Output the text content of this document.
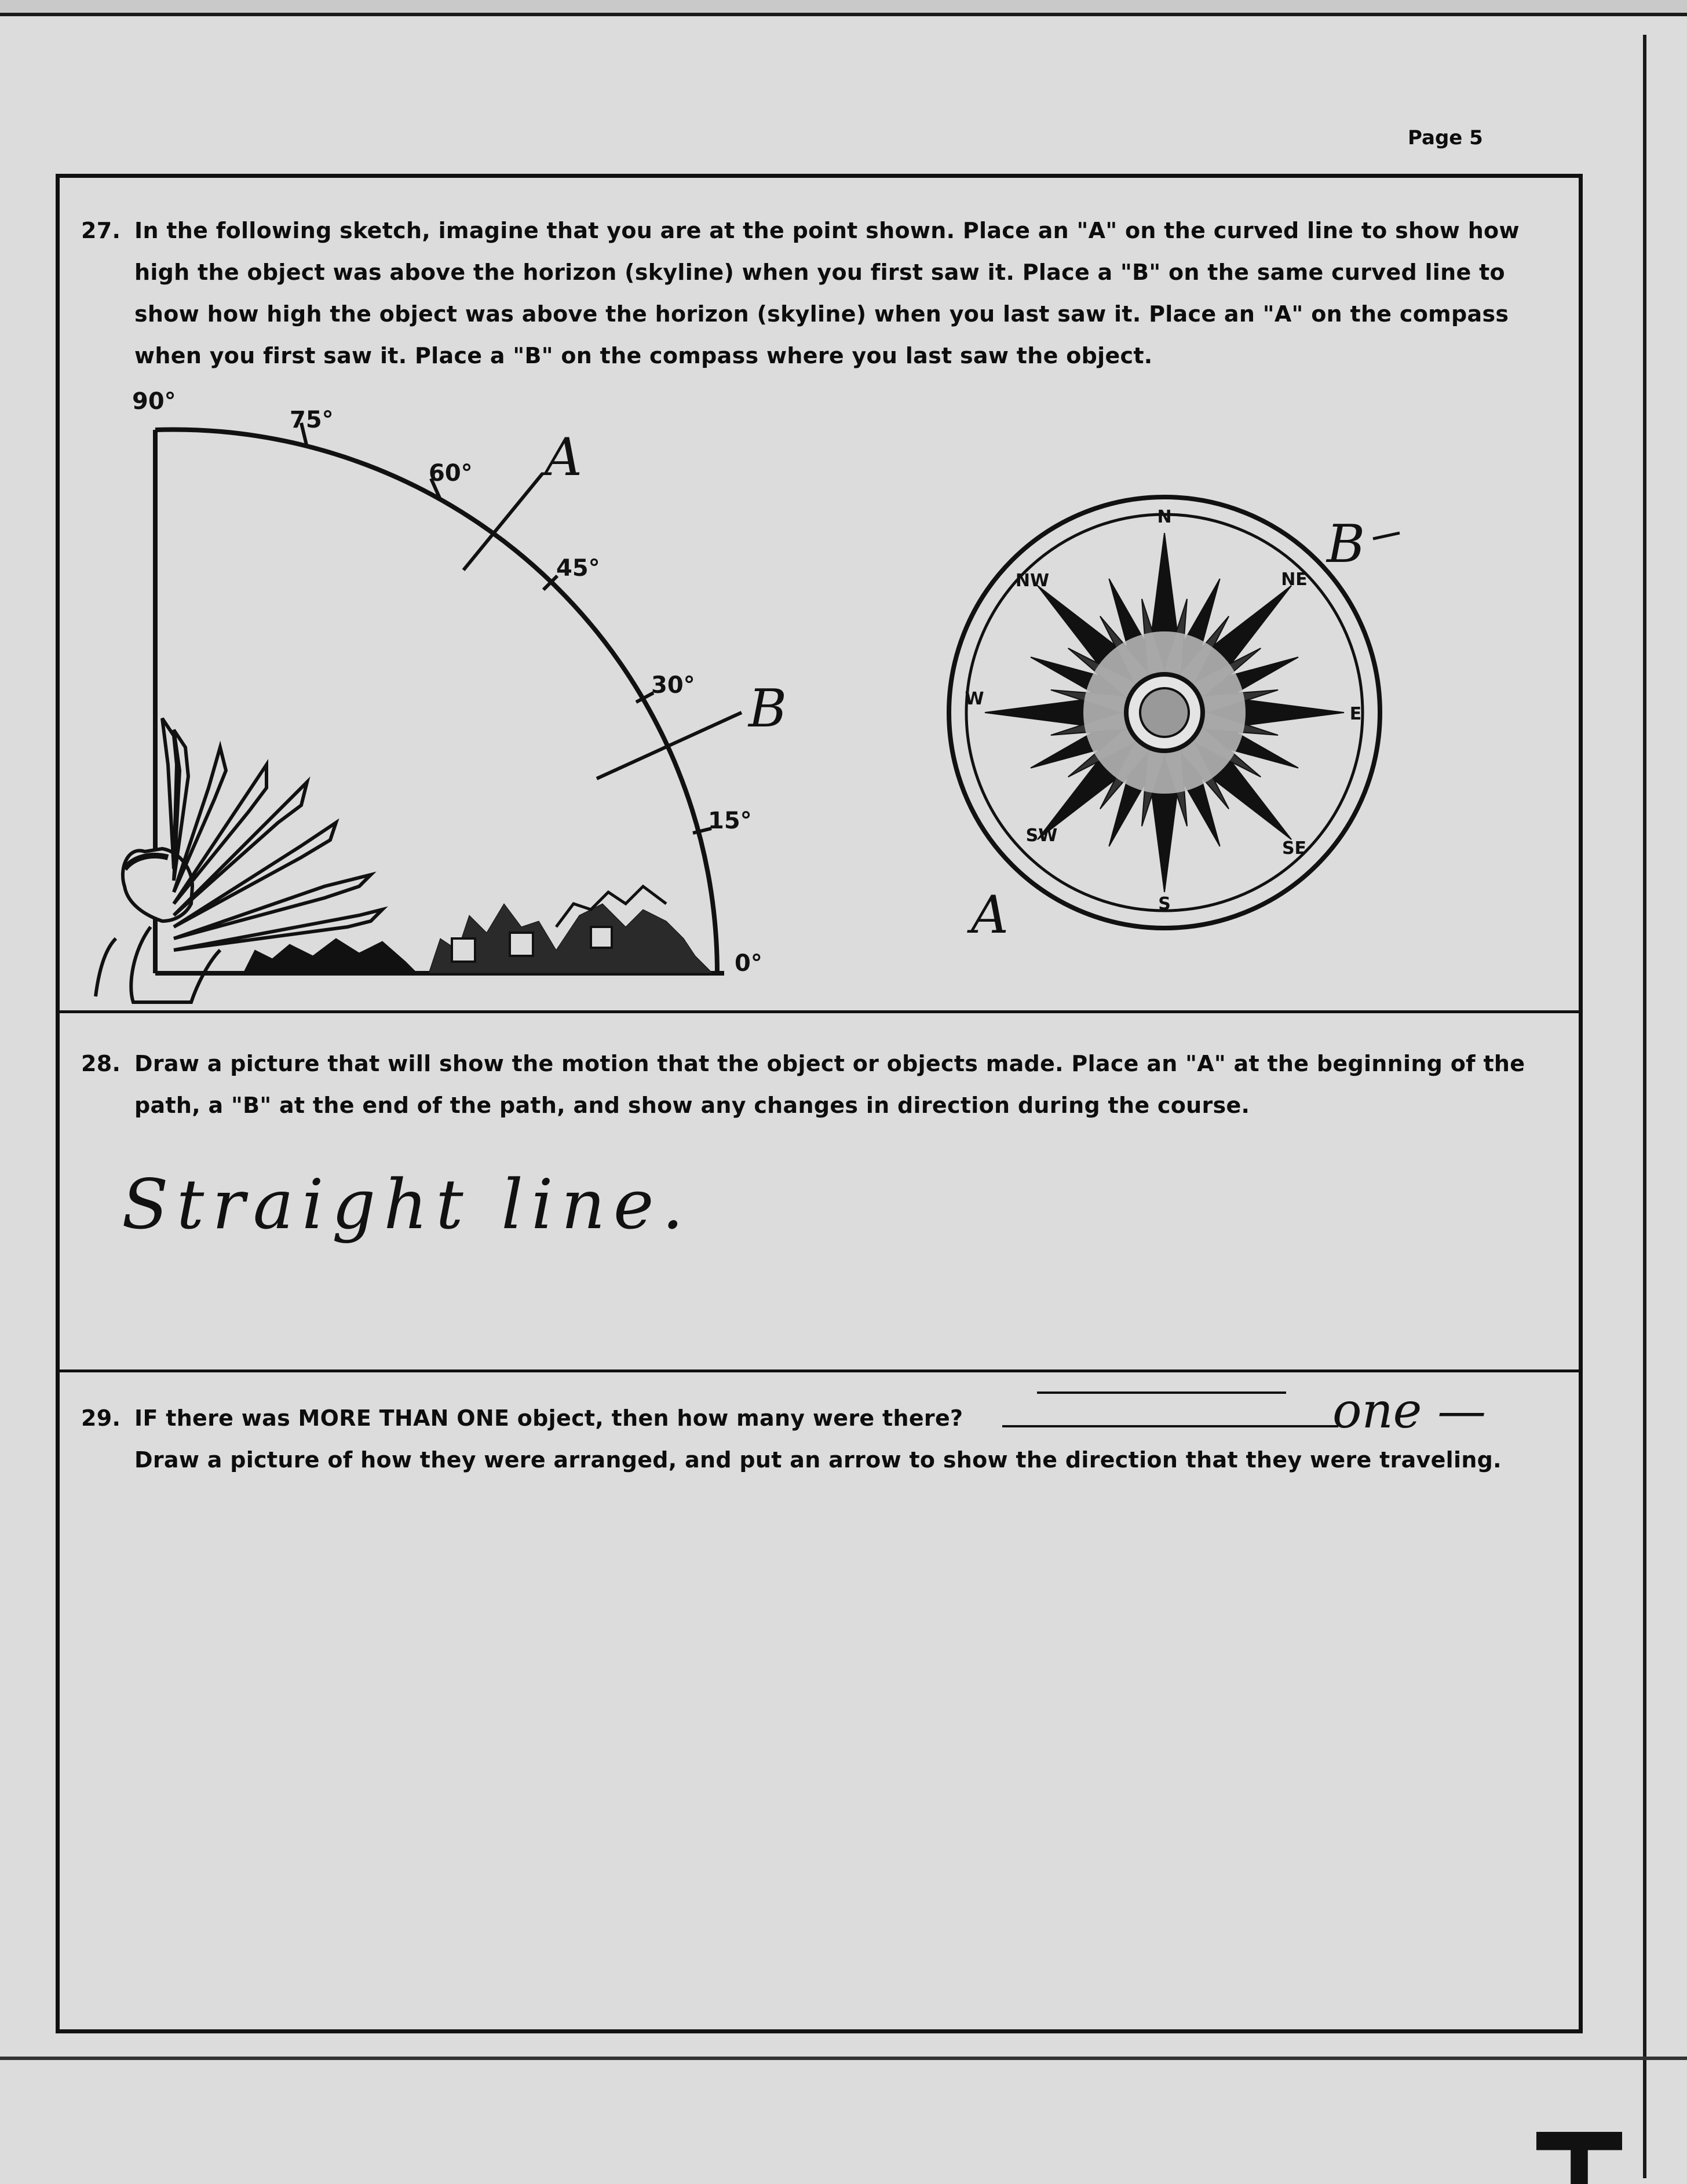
Page 5
27. In the following sketch, imagine that you are at the point shown. Place an "A" on the curved line to show how
high the object was above the horizon (skyline) when you first saw it. Place a "B" on the same curved line to
show how high the object was above the horizon (skyline) when you last saw it. Place an "A" on the compass
when you first saw it. Place a "B" on the compass where you last saw the object.
90°
75°
60°
45°
30°
15°
0°
A
B
N
NE
E
SE
S
SW
W
NW
B
A
28. Draw a picture that will show the motion that the object or objects made. Place an "A" at the beginning of the
path, a "B" at the end of the path, and show any changes in direction during the course.
Straight line.
29. IF there was MORE THAN ONE object, then how many were there?
Draw a picture of how they were arranged, and put an arrow to show the direction that they were traveling.
one —
